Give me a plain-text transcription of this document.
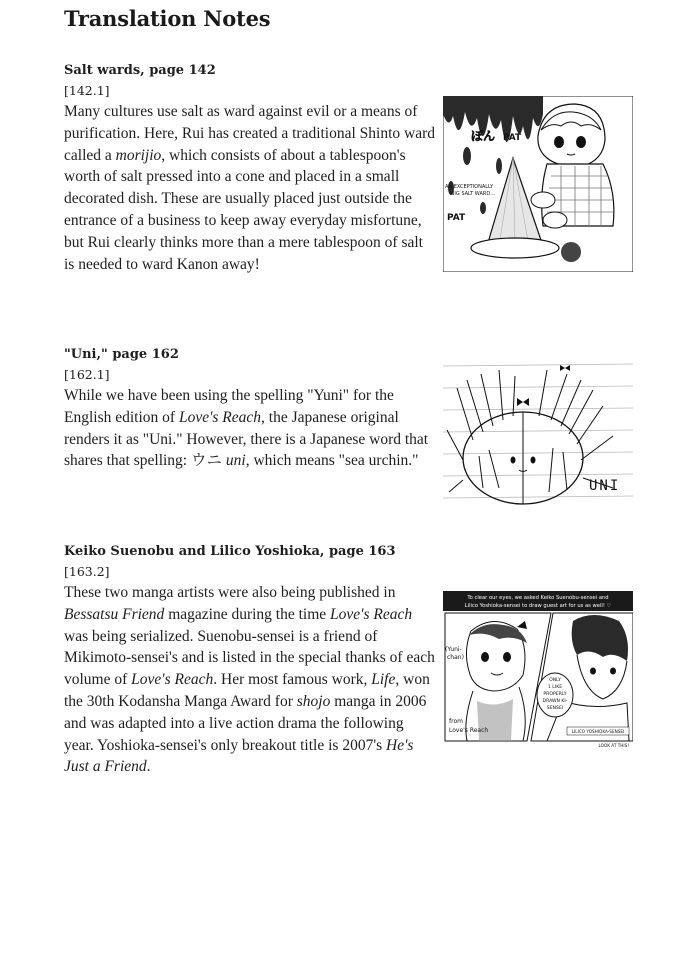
Translation Notes
Salt wards, page 142
[142.1]

Many cultures use salt as ward against evil or a means of purification. Here, Rui has created a traditional Shinto ward called a morijio, which consists of about a tablespoon's worth of salt pressed into a cone and placed in a small decorated dish. These are usually placed just outside the entrance of a business to keep away everyday misfortune, but Rui clearly thinks more than a mere tablespoon of salt is needed to ward Kanon away!

"Uni," page 162
[162.1]

While we have been using the spelling "Yuni" for the English edition of Love's Reach, the Japanese original renders it as "Uni." However, there is a Japanese word that shares that spelling: ウニ uni, which means "sea urchin."

Keiko Suenobu and Lilico Yoshioka, page 163
[163.2]

These two manga artists were also being published in Bessatsu Friend magazine during the time Love's Reach was being serialized. Suenobu-sensei is a friend of Mikimoto-sensei's and is listed in the special thanks of each volume of Love's Reach. Her most famous work, Life, won the 30th Kodansha Manga Award for shojo manga in 2006 and was adapted into a live action drama the following year. Yoshioka-sensei's only breakout title is 2007's He's Just a Friend.

PAT
ぽん
PAT
AN EXCEPTIONALLY
BIG SALT WARD...
UNI
To clear our eyes, we asked Keiko Suenobu-sensei and
Lilico Yoshioka-sensei to draw guest art for us as well! ♡
ONLY
1 LIKE
PROPERLY
DRAWN KI-
SENSEI
(Yuni-
chan)
from
Love's Reach	LILICO YOSHIOKA-SENSEI
LOOK AT THIS!
